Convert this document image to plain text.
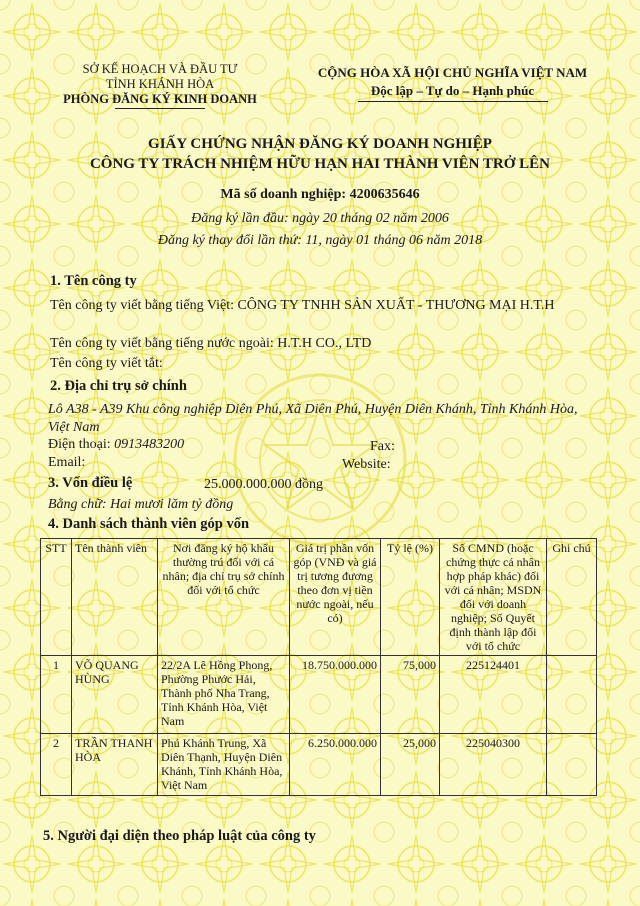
SỞ KẾ HOẠCH VÀ ĐẦU TƯ
TỈNH KHÁNH HÒA
PHÒNG ĐĂNG KÝ KINH DOANH
CỘNG HÒA XÃ HỘI CHỦ NGHĨA VIỆT NAM
Độc lập – Tự do – Hạnh phúc
GIẤY CHỨNG NHẬN ĐĂNG KÝ DOANH NGHIỆP
CÔNG TY TRÁCH NHIỆM HỮU HẠN HAI THÀNH VIÊN TRỞ LÊN
Mã số doanh nghiệp: 4200635646
Đăng ký lần đầu: ngày 20 tháng 02 năm 2006
Đăng ký thay đổi lần thứ: 11, ngày 01 tháng 06 năm 2018
1. Tên công ty
Tên công ty viết bằng tiếng Việt: CÔNG TY TNHH SẢN XUẤT - THƯƠNG MẠI H.T.H
Tên công ty viết bằng tiếng nước ngoài: H.T.H CO., LTD
Tên công ty viết tắt:
2. Địa chỉ trụ sở chính
Lô A38 - A39 Khu công nghiệp Diên Phú, Xã Diên Phú, Huyện Diên Khánh, Tỉnh Khánh Hòa, Việt Nam
Điện thoại: 0913483200	Fax:
Email:	Website:
3. Vốn điều lệ	25.000.000.000 đồng
Bằng chữ: Hai mươi lăm tỷ đồng
4. Danh sách thành viên góp vốn
STT	Tên thành viên	Nơi đăng ký hộ khẩu thường trú đối với cá nhân; địa chỉ trụ sở chính đối với tổ chức	Giá trị phần vốn góp (VNĐ và giá trị tương đương theo đơn vị tiền nước ngoài, nếu có)	Tỷ lệ (%)	Số CMND (hoặc chứng thực cá nhân hợp pháp khác) đối với cá nhân; MSDN đối với doanh nghiệp; Số Quyết định thành lập đối với tổ chức	Ghi chú
1	VÕ QUANG HÙNG	22/2A Lê Hồng Phong, Phường Phước Hải, Thành phố Nha Trang, Tỉnh Khánh Hòa, Việt Nam	18.750.000.000	75,000	225124401	
2	TRẦN THANH HÒA	Phú Khánh Trung, Xã Diên Thạnh, Huyện Diên Khánh, Tỉnh Khánh Hòa, Việt Nam	6.250.000.000	25,000	225040300	
5. Người đại diện theo pháp luật của công ty
